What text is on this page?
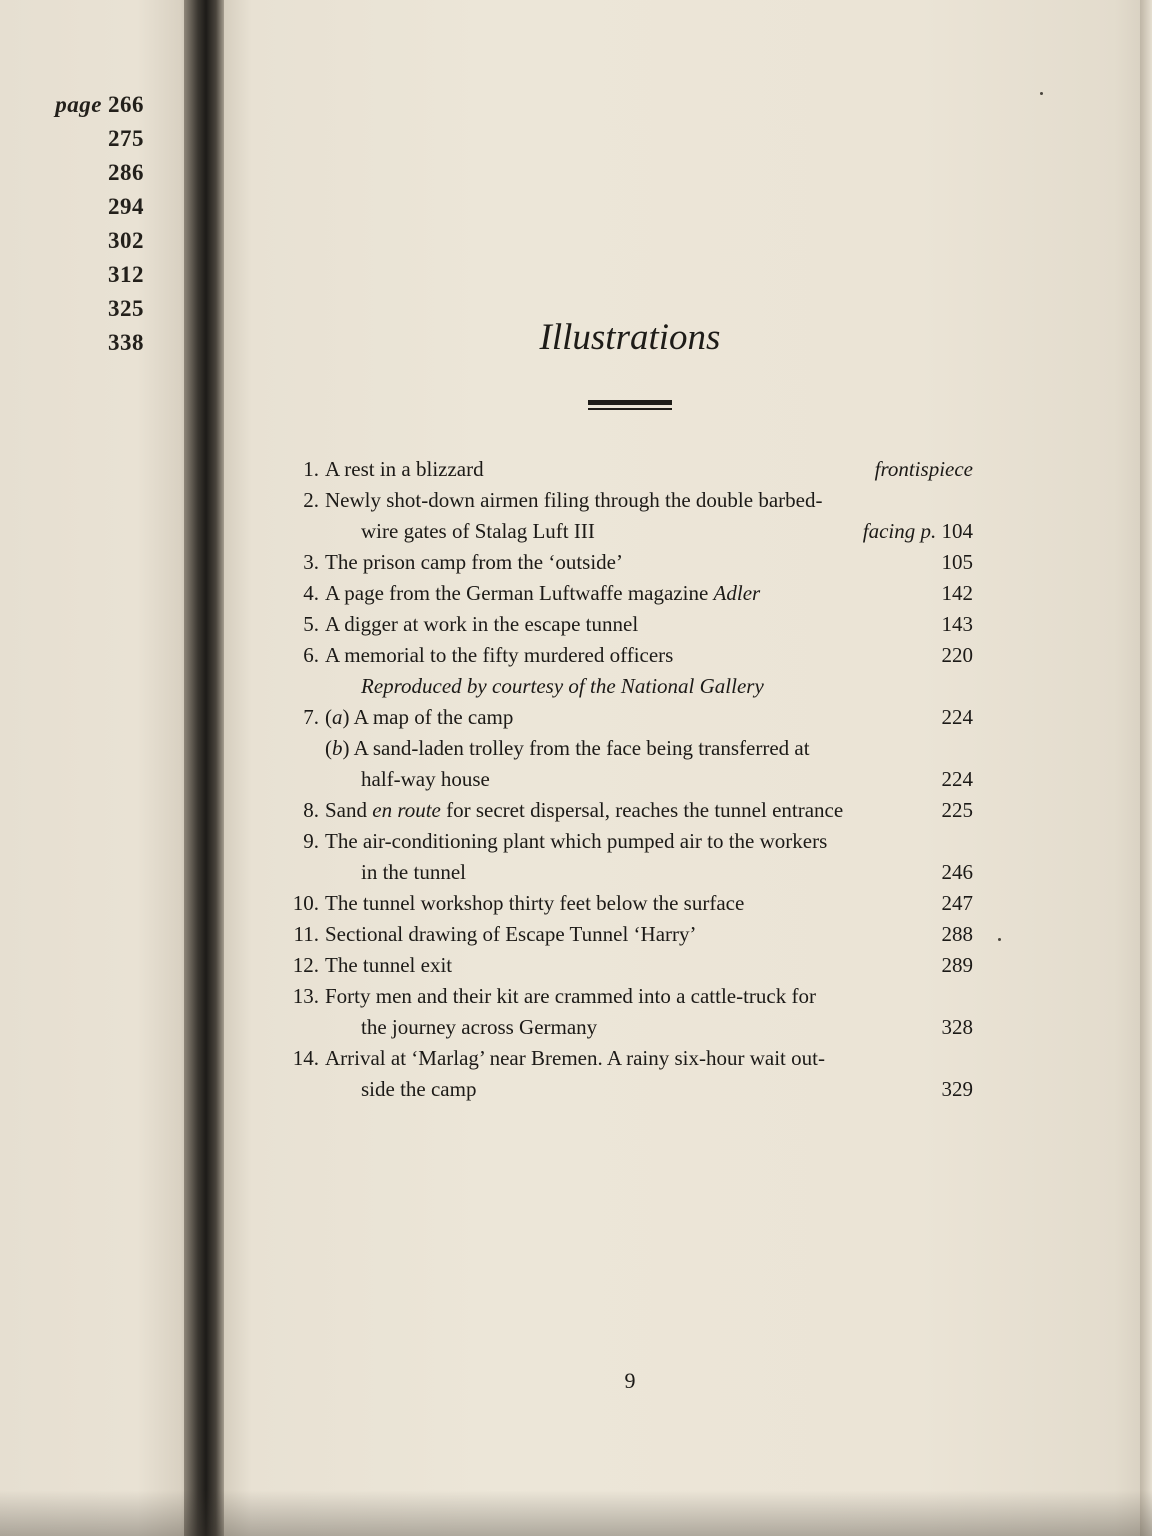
page 266
275
286
294
302
312
325
338	Illustrations
1. A rest in a blizzard	frontispiece
2. Newly shot-down airmen filing through the double barbed-
wire gates of Stalag Luft III	facing p. 104
3. The prison camp from the ‘outside’	105
4. A page from the German Luftwaffe magazine Adler	142
5. A digger at work in the escape tunnel	143
6. A memorial to the fifty murdered officers	220
Reproduced by courtesy of the National Gallery
7. (a) A map of the camp	224
(b) A sand-laden trolley from the face being transferred at
half-way house	224
8. Sand en route for secret dispersal, reaches the tunnel entrance	225
9. The air-conditioning plant which pumped air to the workers
in the tunnel	246
10. The tunnel workshop thirty feet below the surface	247
11. Sectional drawing of Escape Tunnel ‘Harry’	288
12. The tunnel exit	289
13. Forty men and their kit are crammed into a cattle-truck for
the journey across Germany	328
14. Arrival at ‘Marlag’ near Bremen. A rainy six-hour wait out-
side the camp	329
9
